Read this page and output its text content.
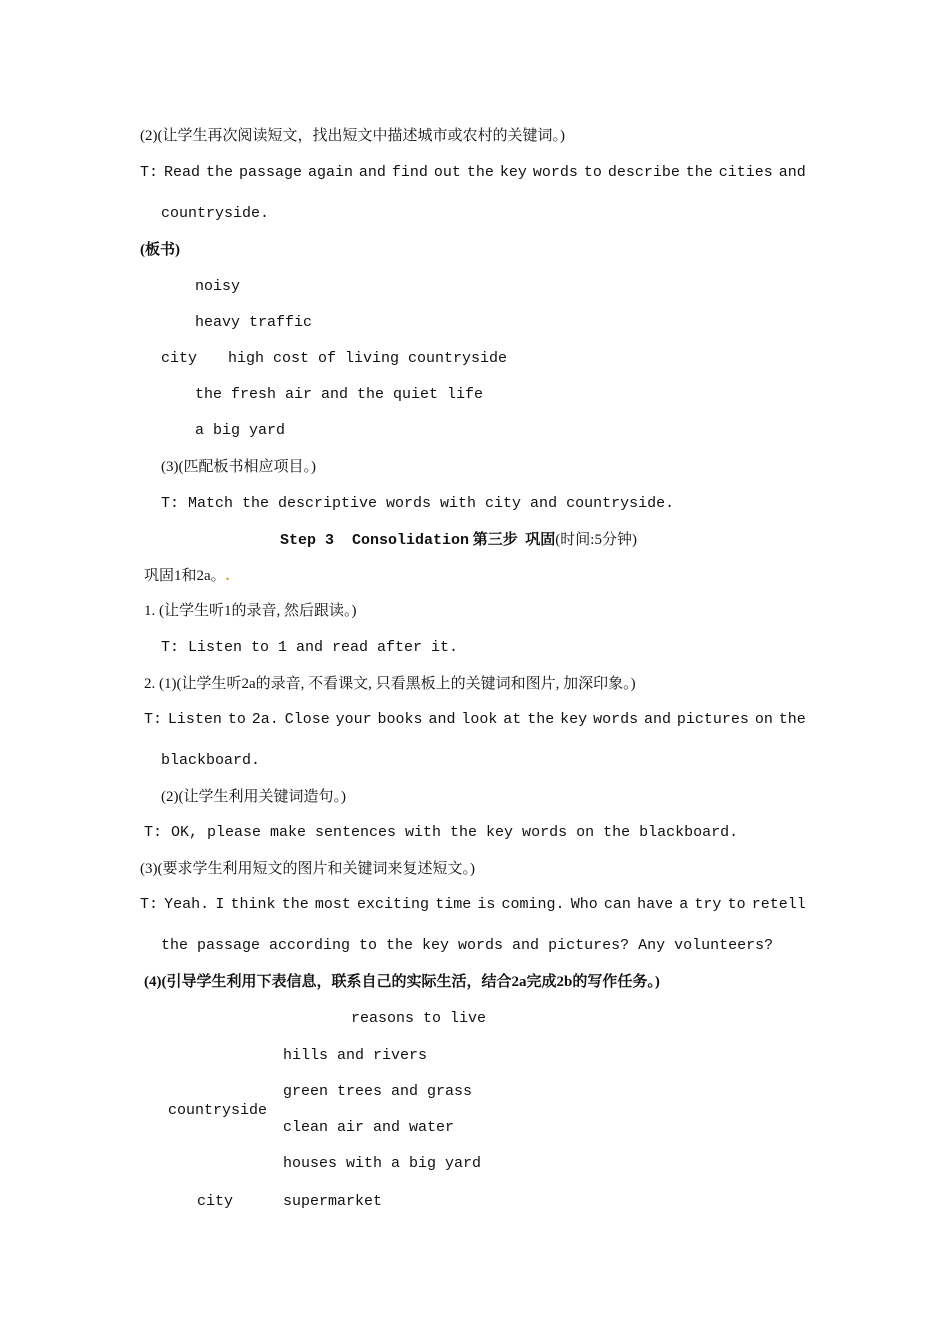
(2)(让学生再次阅读短文，找出短文中描述城市或农村的关键词。)
T: Read the passage again and find out the key words to describe the cities and
countryside.
(板书)
noisy
heavy traffic
city high cost of living countryside
the fresh air and the quiet life
a big yard
(3)(匹配板书相应项目。)
T: Match the descriptive words with city and countryside.
Step 3  Consolidation 第三步  巩固(时间:5分钟)
巩固1和2a。.
1. (让学生听1的录音, 然后跟读。)
T: Listen to 1 and read after it.
2. (1)(让学生听2a的录音, 不看课文, 只看黑板上的关键词和图片, 加深印象。)
T: Listen to 2a. Close your books and look at the key words and pictures on the
blackboard.
(2)(让学生利用关键词造句。)
T: OK, please make sentences with the key words on the blackboard.
(3)(要求学生利用短文的图片和关键词来复述短文。)
T: Yeah. I think the most exciting time is coming. Who can have a try to retell
the passage according to the key words and pictures? Any volunteers?
(4)(引导学生利用下表信息，联系自己的实际生活，结合2a完成2b的写作任务。)
reasons to live
countryside
hills and rivers
green trees and grass
clean air and water
houses with a big yard
city	supermarket
